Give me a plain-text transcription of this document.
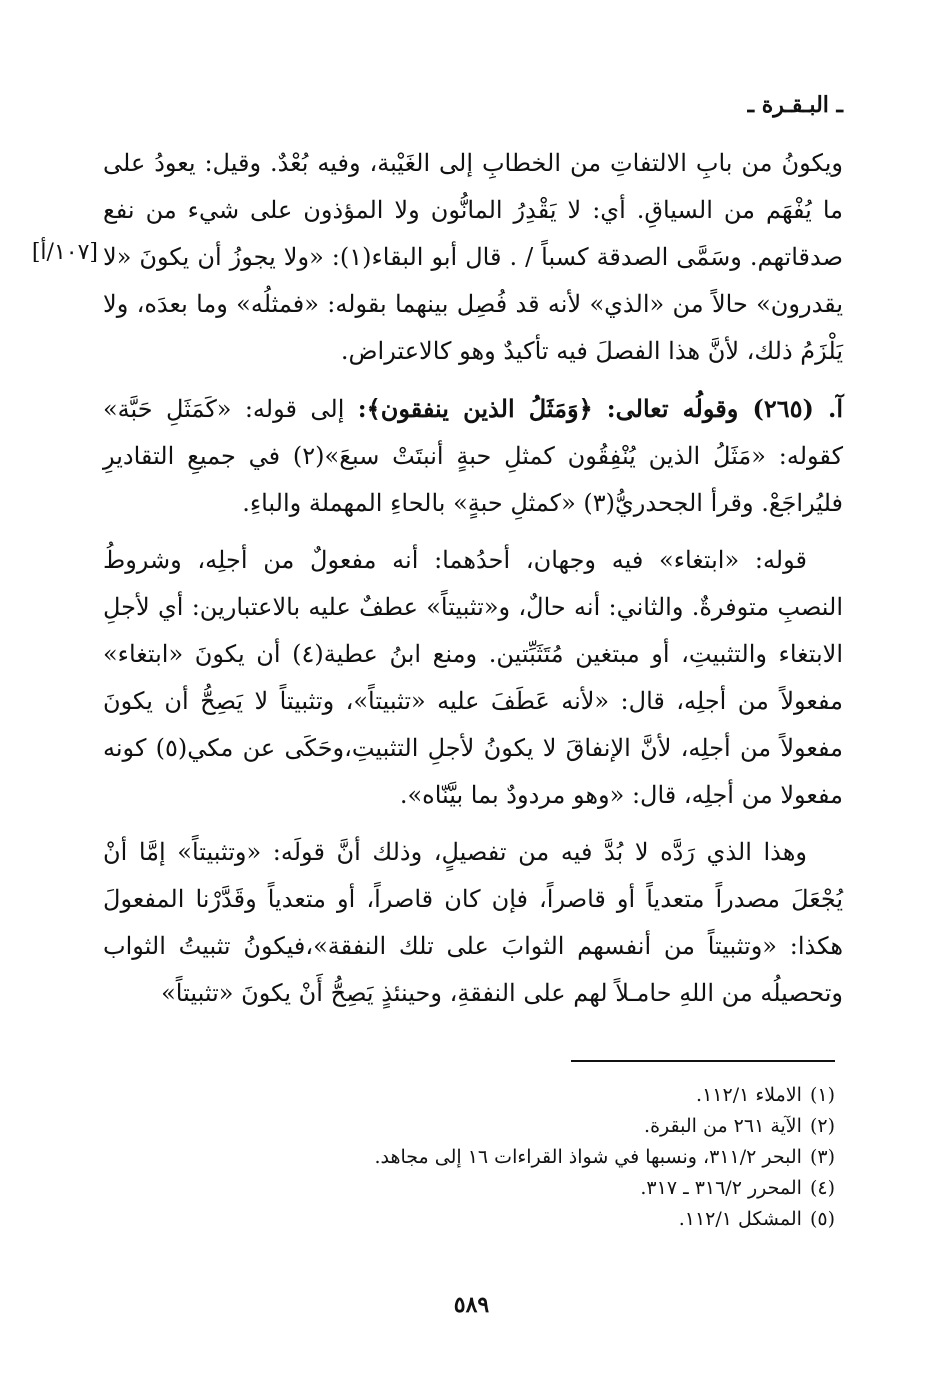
ـ البـقـرة ـ
[١٠٧/أ]

ويكونُ من بابِ الالتفاتِ من الخطابِ إلى الغَيْبة، وفيه بُعْدٌ. وقيل: يعودُ على ما يُفْهَم من السياقِ. أي: لا يَقْدِرُ المانُّون ولا المؤذون على شيء من نفع صدقاتهم. وسَمَّى الصدقة كسباً / . قال أبو البقاء(١): «ولا يجوزُ أن يكونَ «لا يقدرون» حالاً من «الذي» لأنه قد فُصِل بينهما بقوله: «فمثلُه» وما بعدَه، ولا يَلْزَمُ ذلك، لأنَّ هذا الفصلَ فيه تأكيدٌ وهو كالاعتراض.

آ. (٢٦٥) وقولُه تعالى: ﴿وَمَثَلُ الذين ينفقون﴾: إلى قوله: «كَمَثَلِ حَبَّة» كقوله: «مَثَلُ الذين يُنْفِقُون كمثلِ حبةٍ أنبتَتْ سبعَ»(٢) في جميعِ التقاديرِ فليُراجَعْ. وقرأ الجحدريُّ(٣) «كمثلِ حبةٍ» بالحاءِ المهملة والباءِ.

قوله: «ابتغاء» فيه وجهان، أحدُهما: أنه مفعولٌ من أجلِه، وشروطُ النصبِ متوفرةٌ. والثاني: أنه حالٌ، و«تثبيتاً» عطفٌ عليه بالاعتبارين: أي لأجلِ الابتغاء والتثبيتِ، أو مبتغين مُتَثَبِّتين. ومنع ابنُ عطية(٤) أن يكونَ «ابتغاء» مفعولاً من أجلِه، قال: «لأنه عَطَفَ عليه «تثبيتاً»، وتثبيتاً لا يَصِحُّ أن يكونَ مفعولاً من أجلِه، لأنَّ الإنفاقَ لا يكونُ لأجلِ التثبيتِ،وحَكَى عن مكي(٥) كونه مفعولا من أجلِه، قال: «وهو مردودٌ بما بيَّنّاه».

وهذا الذي رَدَّه لا بُدَّ فيه من تفصيلٍ، وذلك أنَّ قولَه: «وتثبيتاً» إمَّا أنْ يُجْعَلَ مصدراً متعدياً أو قاصراً، فإن كان قاصراً، أو متعدياً وقَدَّرْنا المفعولَ هكذا: «وتثبيتاً من أنفسهم الثوابَ على تلك النفقة»،فيكونُ تثبيتُ الثواب وتحصيلُه من اللهِ حامـلاً لهم على النفقةِ، وحينئذٍ يَصِحُّ أَنْ يكونَ «تثبيتاً»

(١)الاملاء ١١٢/١.
(٢)الآية ٢٦١ من البقرة.
(٣)البحر ٣١١/٢، ونسبها في شواذ القراءات ١٦ إلى مجاهد.
(٤)المحرر ٣١٦/٢ ـ ٣١٧.
(٥)المشكل ١١٢/١.
٥٨٩
